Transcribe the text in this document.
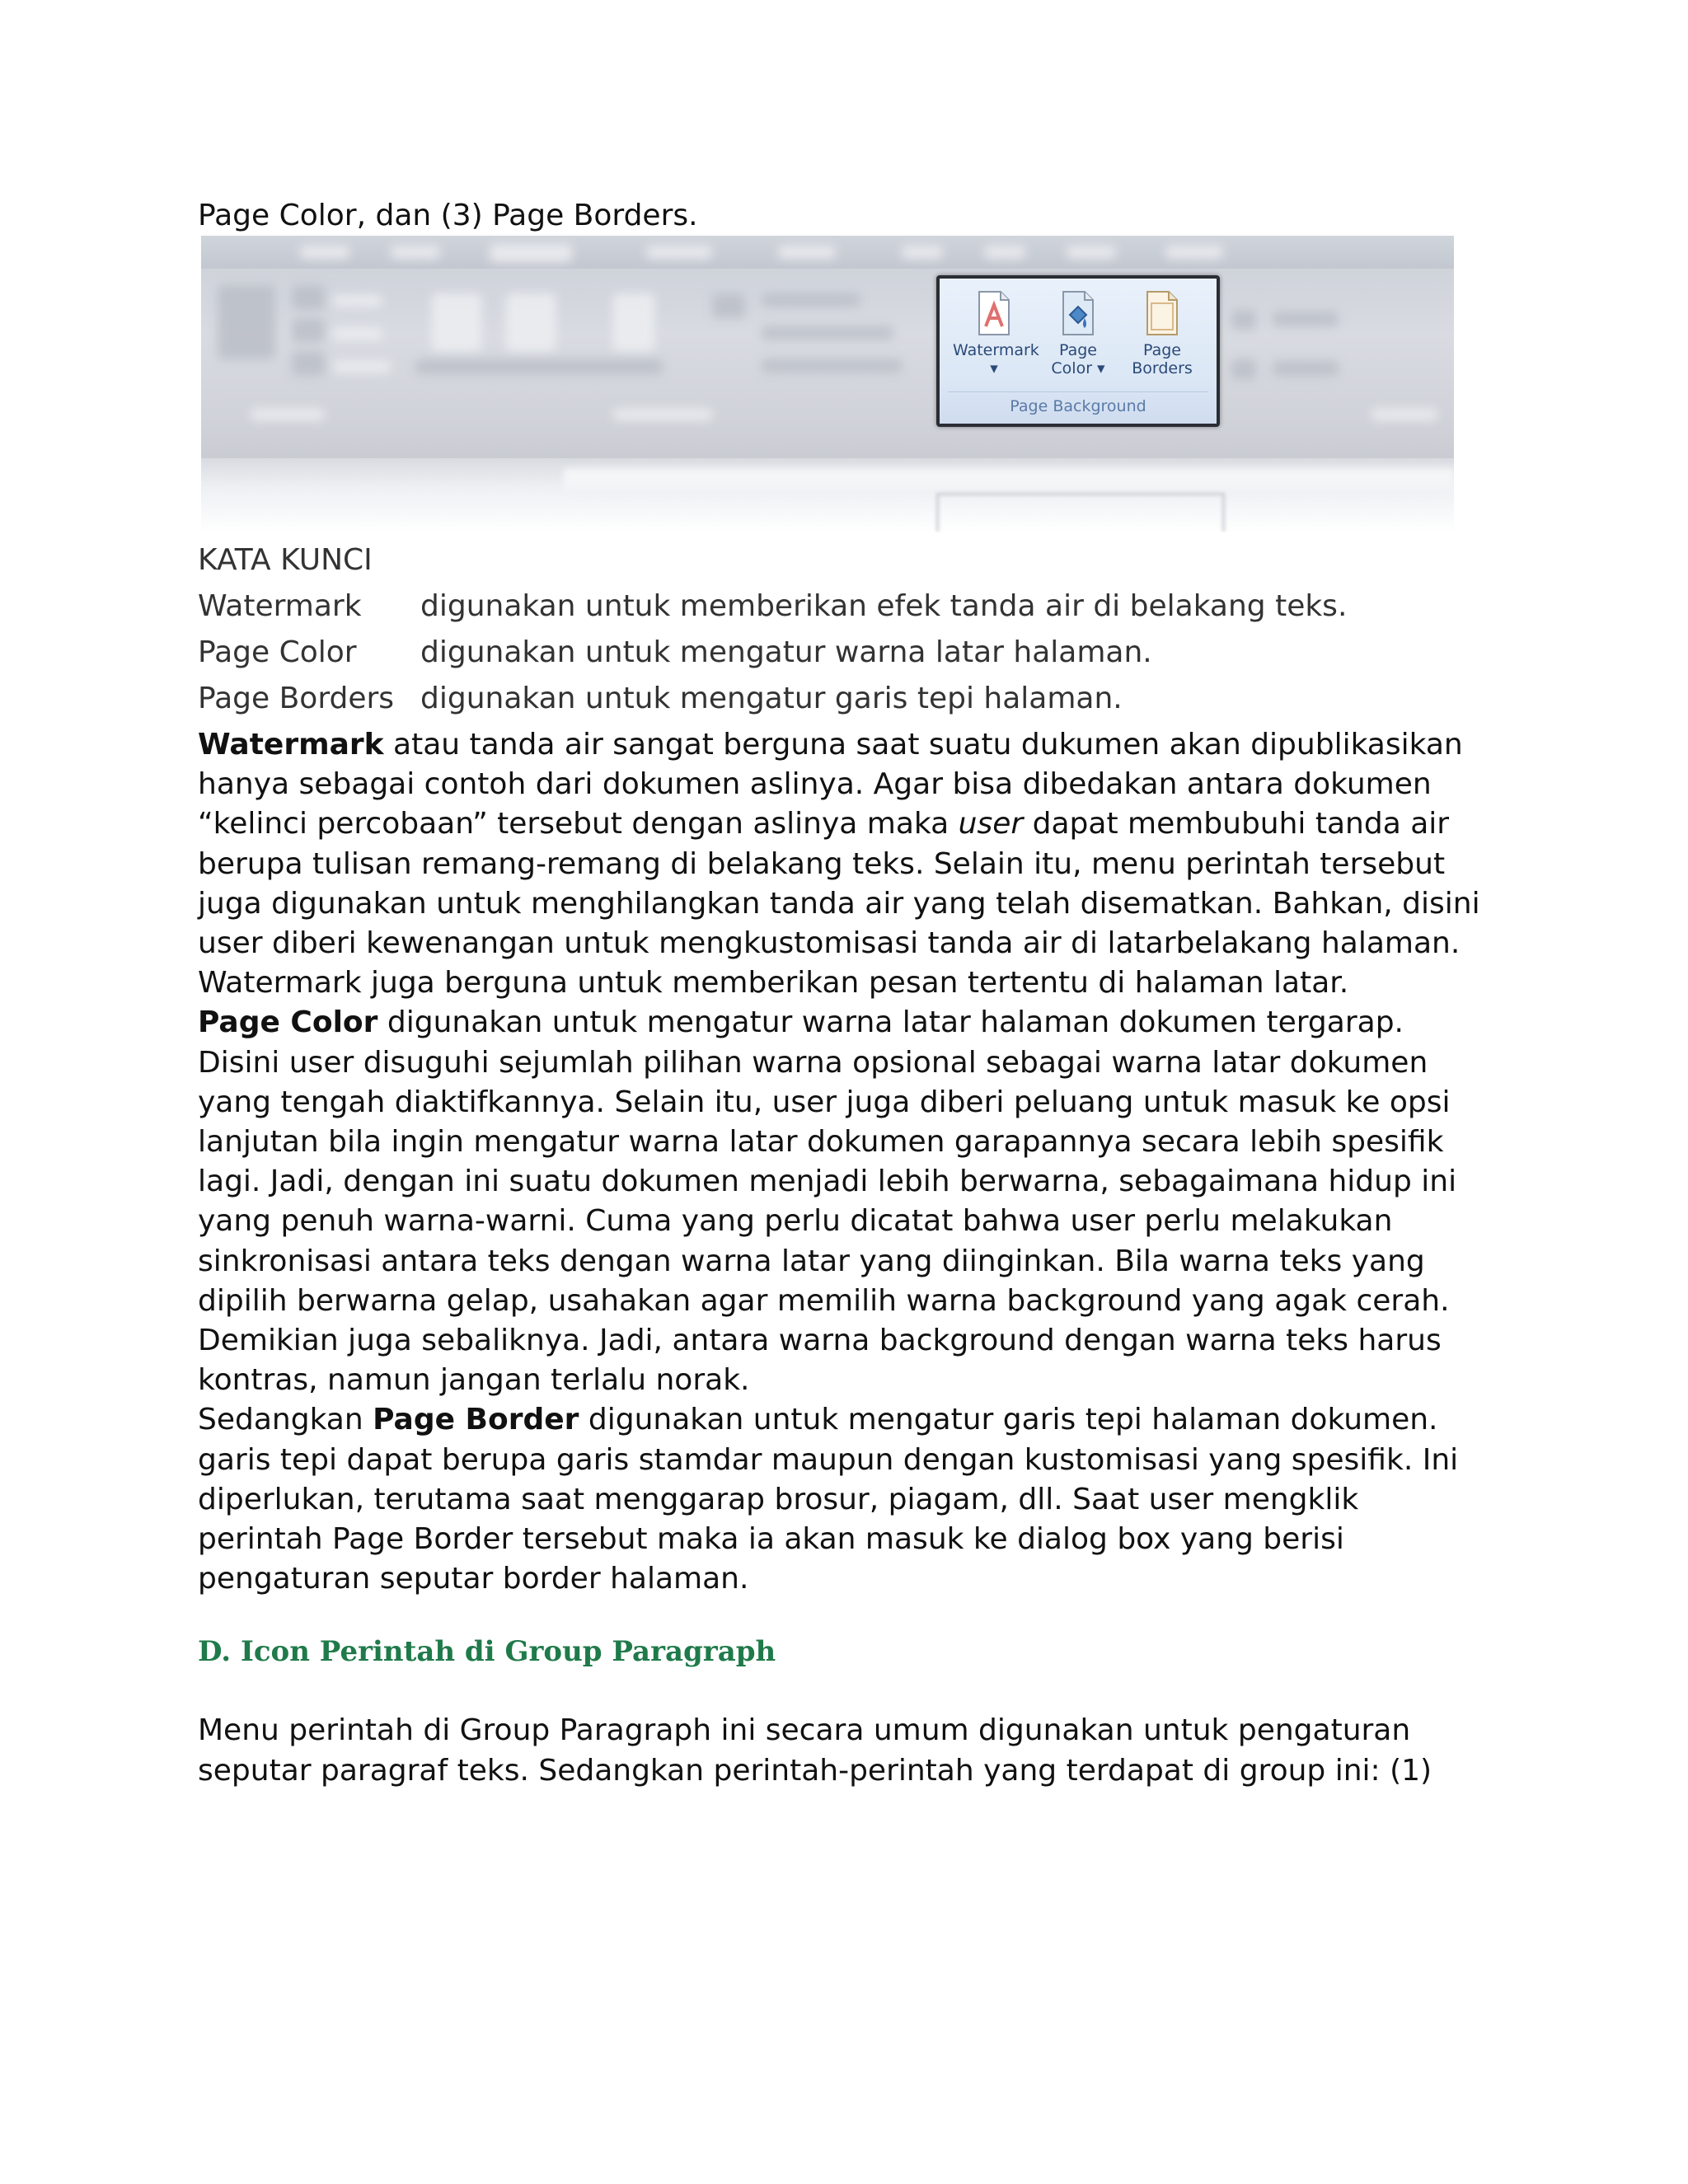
Page Color, dan (3) Page Borders.

Watermark
▾
Page
Color ▾
Page
Borders
Page Background
KATA KUNCI
Watermark	digunakan untuk memberikan efek tanda air di belakang teks.
Page Color	digunakan untuk mengatur warna latar halaman.
Page Borders digunakan untuk mengatur garis tepi halaman.

Watermark atau tanda air sangat berguna saat suatu dukumen akan dipublikasikan hanya sebagai contoh dari dokumen aslinya. Agar bisa dibedakan antara dokumen “kelinci percobaan” tersebut dengan aslinya maka user dapat membubuhi tanda air berupa tulisan remang-remang di belakang teks. Selain itu, menu perintah tersebut juga digunakan untuk menghilangkan tanda air yang telah disematkan. Bahkan, disini user diberi kewenangan untuk mengkustomisasi tanda air di latarbelakang halaman. Watermark juga berguna untuk memberikan pesan tertentu di halaman latar.

Page Color digunakan untuk mengatur warna latar halaman dokumen tergarap. Disini user disuguhi sejumlah pilihan warna opsional sebagai warna latar dokumen yang tengah diaktifkannya. Selain itu, user juga diberi peluang untuk masuk ke opsi lanjutan bila ingin mengatur warna latar dokumen garapannya secara lebih spesifik lagi. Jadi, dengan ini suatu dokumen menjadi lebih berwarna, sebagaimana hidup ini yang penuh warna-warni. Cuma yang perlu dicatat bahwa user perlu melakukan sinkronisasi antara teks dengan warna latar yang diinginkan. Bila warna teks yang dipilih berwarna gelap, usahakan agar memilih warna background yang agak cerah. Demikian juga sebaliknya. Jadi, antara warna background dengan warna teks harus kontras, namun jangan terlalu norak.

Sedangkan Page Border digunakan untuk mengatur garis tepi halaman dokumen. garis tepi dapat berupa garis stamdar maupun dengan kustomisasi yang spesifik. Ini diperlukan, terutama saat menggarap brosur, piagam, dll. Saat user mengklik perintah Page Border tersebut maka ia akan masuk ke dialog box yang berisi pengaturan seputar border halaman.

D. Icon Perintah di Group Paragraph

Menu perintah di Group Paragraph ini secara umum digunakan untuk pengaturan seputar paragraf teks. Sedangkan perintah-perintah yang terdapat di group ini: (1)
